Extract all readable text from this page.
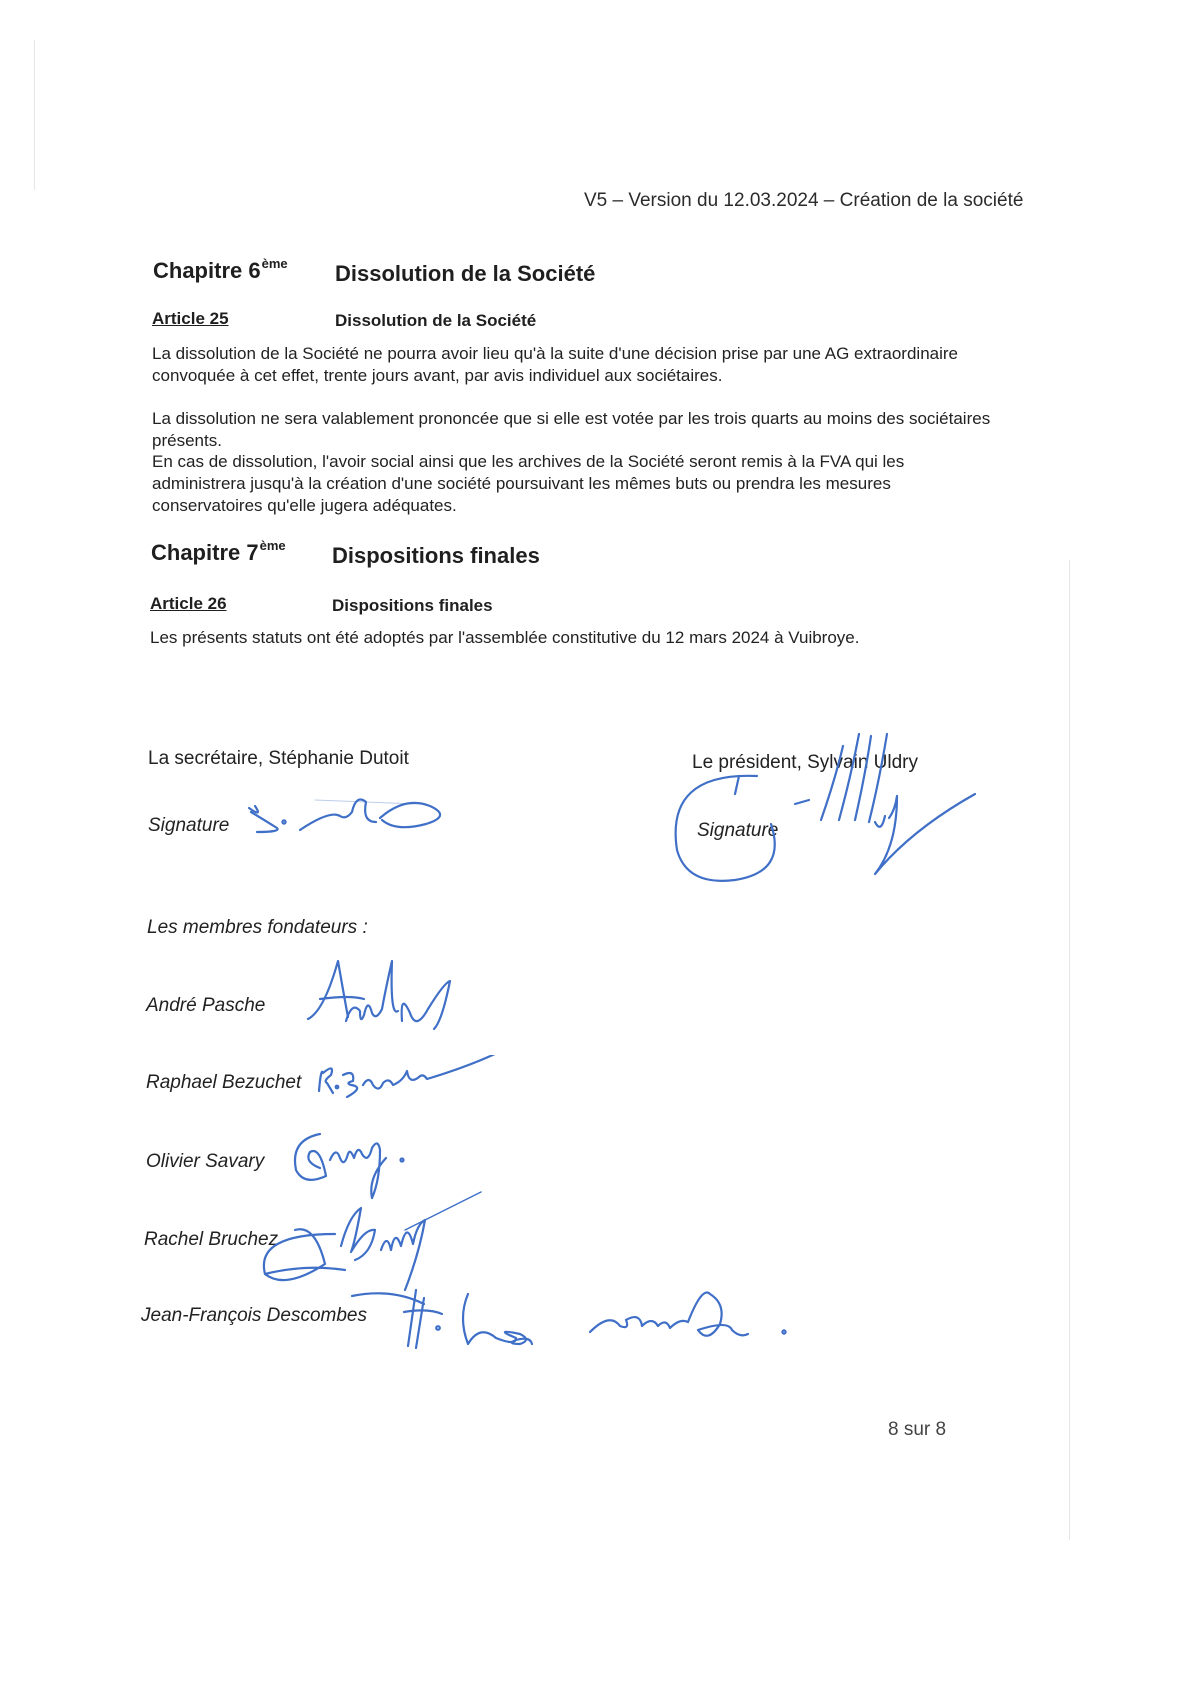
V5 – Version du 12.03.2024 – Création de la société
Chapitre 6ème Dissolution de la Société
Article 25	Dissolution de la Société
La dissolution de la Société ne pourra avoir lieu qu'à la suite d'une décision prise par une AG extraordinaire convoquée à cet effet, trente jours avant, par avis individuel aux sociétaires.
La dissolution ne sera valablement prononcée que si elle est votée par les trois quarts au moins des sociétaires présents.
En cas de dissolution, l'avoir social ainsi que les archives de la Société seront remis à la FVA qui les administrera jusqu'à la création d'une société poursuivant les mêmes buts ou prendra les mesures conservatoires qu'elle jugera adéquates.
Chapitre 7ème Dispositions finales
Article 26	Dispositions finales
Les présents statuts ont été adoptés par l'assemblée constitutive du 12 mars 2024 à Vuibroye.
La secrétaire, Stéphanie Dutoit	Le président, Sylvain Uldry
Signature	Signature
Les membres fondateurs :
André Pasche
Raphael Bezuchet
Olivier Savary
Rachel Bruchez
Jean-François Descombes
8 sur 8
